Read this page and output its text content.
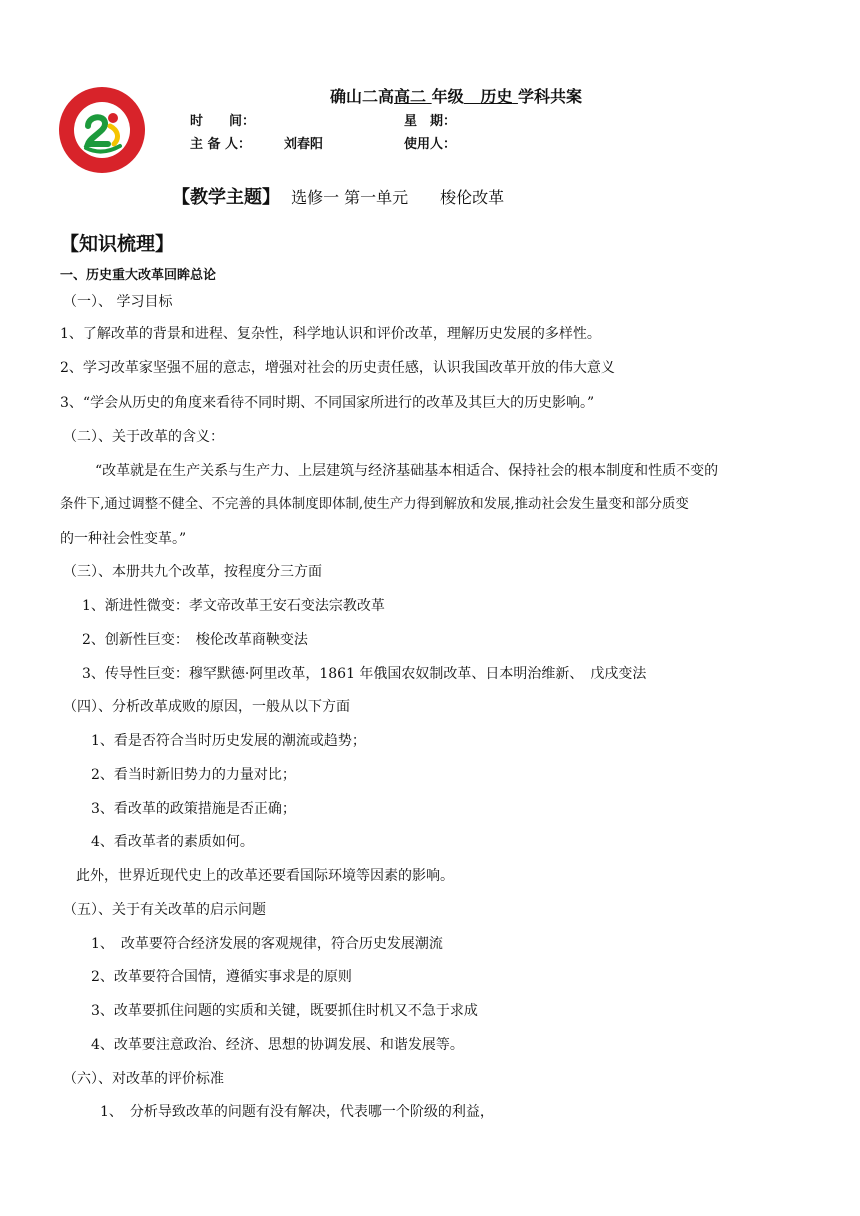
确山二高高二 年级 历史 学科共案
时　　间：	星　期：
主 备 人：	刘春阳	使用人：
【教学主题】 选修一 第一单元　　梭伦改革
【知识梳理】
一、历史重大改革回眸总论
（一）、 学习目标
1、了解改革的背景和进程、复杂性，科学地认识和评价改革，理解历史发展的多样性。
2、学习改革家坚强不屈的意志，增强对社会的历史责任感，认识我国改革开放的伟大意义
3、“学会从历史的角度来看待不同时期、不同国家所进行的改革及其巨大的历史影响。”
（二）、关于改革的含义：
“改革就是在生产关系与生产力、上层建筑与经济基础基本相适合、保持社会的根本制度和性质不变的
条件下,通过调整不健全、不完善的具体制度即体制,使生产力得到解放和发展,推动社会发生量变和部分质变
的一种社会性变革。”
（三）、本册共九个改革，按程度分三方面
1、渐进性微变：孝文帝改革王安石变法宗教改革
2、创新性巨变：　梭伦改革商鞅变法
3、传导性巨变：穆罕默德·阿里改革，1861 年俄国农奴制改革、日本明治维新、　戊戌变法
（四）、分析改革成败的原因，一般从以下方面
1、看是否符合当时历史发展的潮流或趋势；
2、看当时新旧势力的力量对比；
3、看改革的政策措施是否正确；
4、看改革者的素质如何。
此外，世界近现代史上的改革还要看国际环境等因素的影响。
（五）、关于有关改革的启示问题
1、　改革要符合经济发展的客观规律，符合历史发展潮流
2、改革要符合国情，遵循实事求是的原则
3、改革要抓住问题的实质和关键，既要抓住时机又不急于求成
4、改革要注意政治、经济、思想的协调发展、和谐发展等。
（六）、对改革的评价标准
1、　分析导致改革的问题有没有解决，代表哪一个阶级的利益，
